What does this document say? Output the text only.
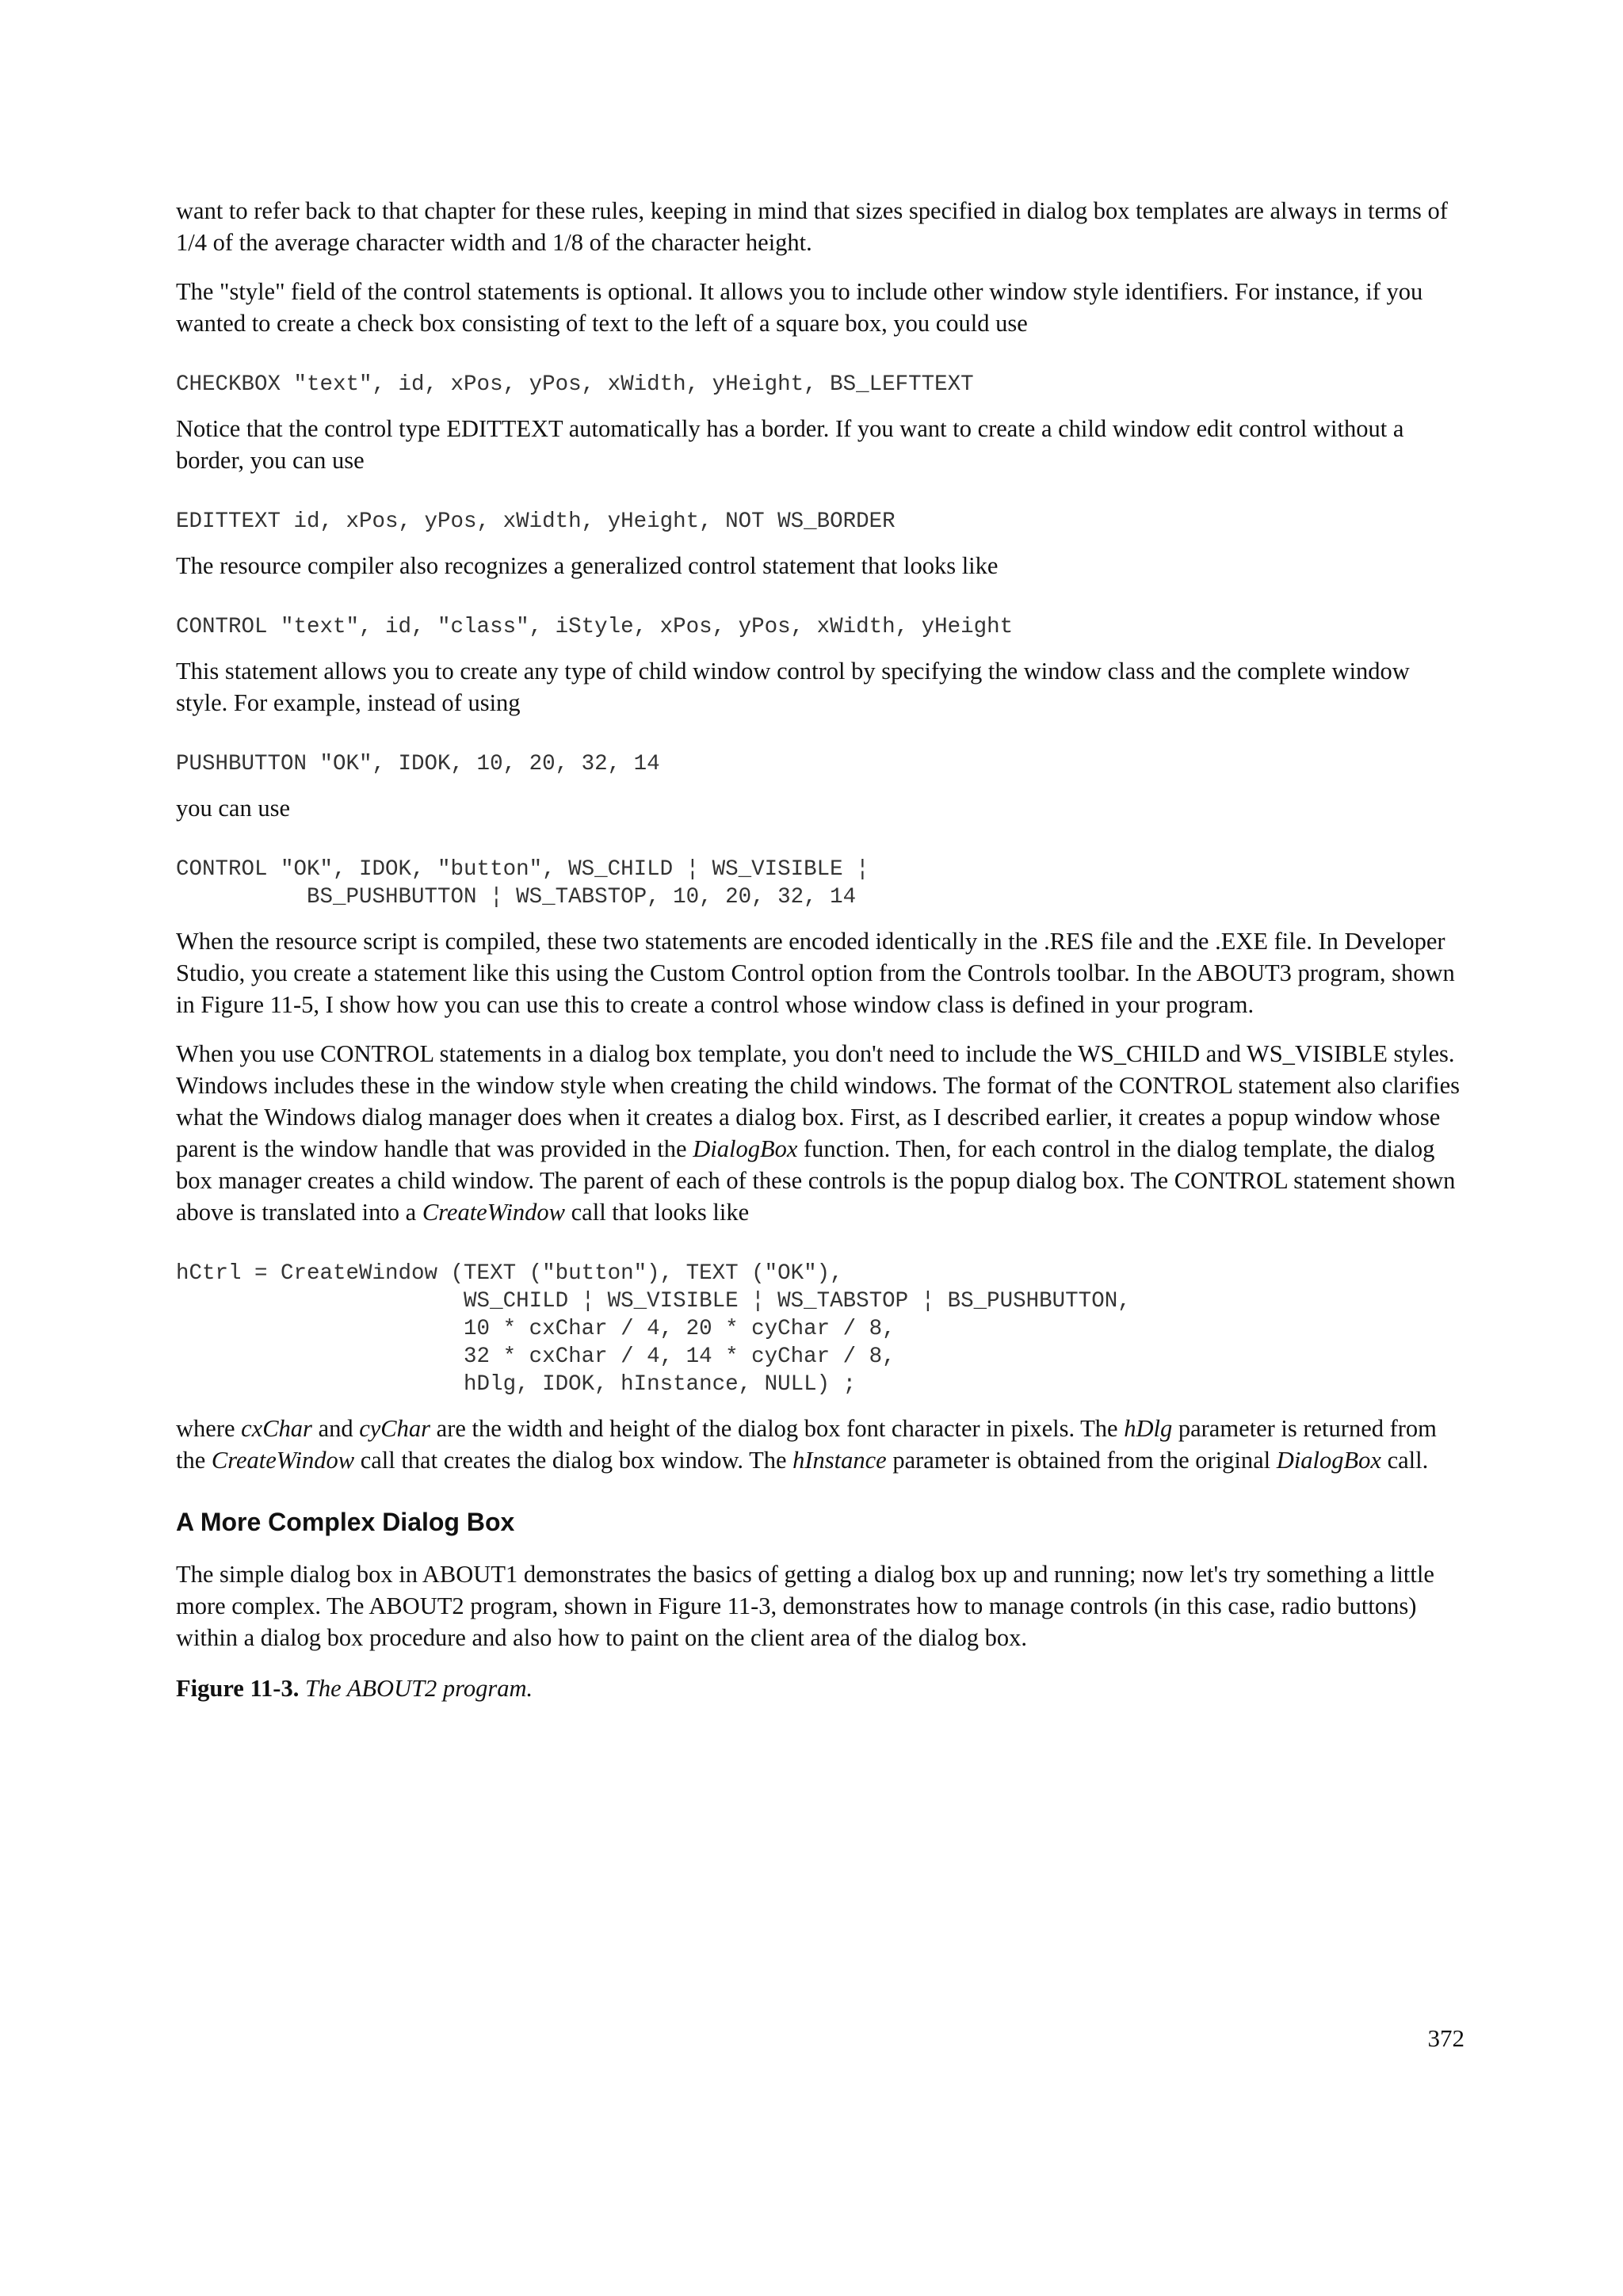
want to refer back to that chapter for these rules, keeping in mind that sizes specified in dialog box templates are always in terms of 1/4 of the average character width and 1/8 of the character height.

The "style" field of the control statements is optional. It allows you to include other window style identifiers. For instance, if you wanted to create a check box consisting of text to the left of a square box, you could use

CHECKBOX "text", id, xPos, yPos, xWidth, yHeight, BS_LEFTTEXT

Notice that the control type EDITTEXT automatically has a border. If you want to create a child window edit control without a border, you can use

EDITTEXT id, xPos, yPos, xWidth, yHeight, NOT WS_BORDER

The resource compiler also recognizes a generalized control statement that looks like

CONTROL "text", id, "class", iStyle, xPos, yPos, xWidth, yHeight

This statement allows you to create any type of child window control by specifying the window class and the complete window style. For example, instead of using

PUSHBUTTON "OK", IDOK, 10, 20, 32, 14

you can use

CONTROL "OK", IDOK, "button", WS_CHILD ¦ WS_VISIBLE ¦
BS_PUSHBUTTON ¦ WS_TABSTOP, 10, 20, 32, 14

When the resource script is compiled, these two statements are encoded identically in the .RES file and the .EXE file. In Developer Studio, you create a statement like this using the Custom Control option from the Controls toolbar. In the ABOUT3 program, shown in Figure 11-5, I show how you can use this to create a control whose window class is defined in your program.

When you use CONTROL statements in a dialog box template, you don't need to include the WS_CHILD and WS_VISIBLE styles. Windows includes these in the window style when creating the child windows. The format of the CONTROL statement also clarifies what the Windows dialog manager does when it creates a dialog box. First, as I described earlier, it creates a popup window whose parent is the window handle that was provided in the DialogBox function. Then, for each control in the dialog template, the dialog box manager creates a child window. The parent of each of these controls is the popup dialog box. The CONTROL statement shown above is translated into a CreateWindow call that looks like

hCtrl = CreateWindow (TEXT ("button"), TEXT ("OK"),
WS_CHILD ¦ WS_VISIBLE ¦ WS_TABSTOP ¦ BS_PUSHBUTTON,
10 * cxChar / 4, 20 * cyChar / 8,
32 * cxChar / 4, 14 * cyChar / 8,
hDlg, IDOK, hInstance, NULL) ;

where cxChar and cyChar are the width and height of the dialog box font character in pixels. The hDlg parameter is returned from the CreateWindow call that creates the dialog box window. The hInstance parameter is obtained from the original DialogBox call.

A More Complex Dialog Box

The simple dialog box in ABOUT1 demonstrates the basics of getting a dialog box up and running; now let's try something a little more complex. The ABOUT2 program, shown in Figure 11-3, demonstrates how to manage controls (in this case, radio buttons) within a dialog box procedure and also how to paint on the client area of the dialog box.

Figure 11-3. The ABOUT2 program.

372
